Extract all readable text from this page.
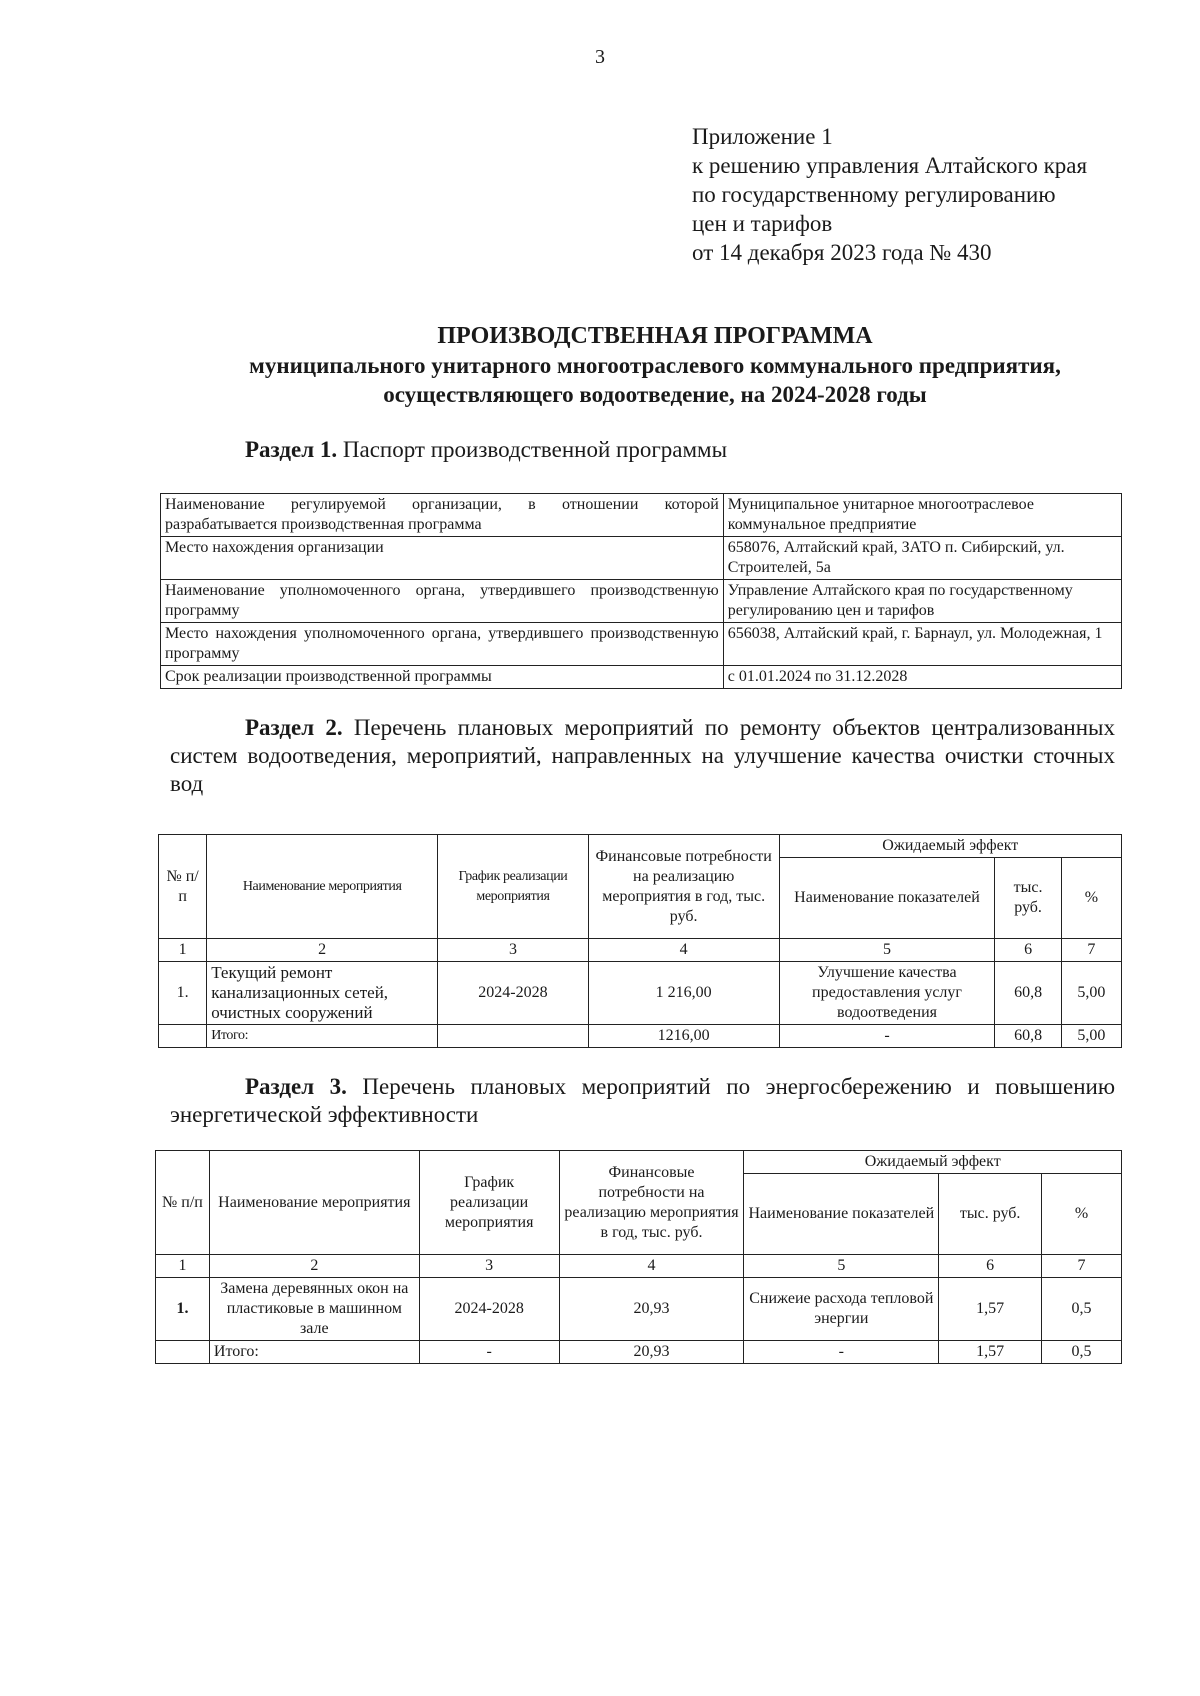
3
Приложение 1
к решению управления Алтайского края
по государственному регулированию
цен и тарифов
от 14 декабря 2023 года № 430
ПРОИЗВОДСТВЕННАЯ ПРОГРАММА
муниципального унитарного многоотраслевого коммунального предприятия,
осуществляющего водоотведение, на 2024-2028 годы
Раздел 1. Паспорт производственной программы
Наименование регулируемой организации, в отношении которой разрабатывается производственная программа	Муниципальное унитарное многоотраслевое коммунальное предприятие
Место нахождения организации	658076, Алтайский край, ЗАТО п. Сибирский, ул. Строителей, 5а
Наименование уполномоченного органа, утвердившего производственную программу	Управление Алтайского края по государственному регулированию цен и тарифов
Место нахождения уполномоченного органа, утвердившего производственную программу	656038, Алтайский край, г. Барнаул, ул. Молодежная, 1
Срок реализации производственной программы	с 01.01.2024 по 31.12.2028
Раздел 2. Перечень плановых мероприятий по ремонту объектов централизованных систем водоотведения, мероприятий, направленных на улучшение качества очистки сточных вод
№ п/п	Наименование мероприятия	График реализации мероприятия	Финансовые потребности на реализацию мероприятия в год, тыс. руб.	Ожидаемый эффект		
				Наименование показателей	тыс. руб.	%
1	2	3	4	5	6	7
1.	Текущий ремонт канализационных сетей, очистных сооружений	2024-2028	1 216,00	Улучшение качества предоставления услуг водоотведения	60,8	5,00
	Итого:		1216,00	-	60,8	5,00
Раздел 3. Перечень плановых мероприятий по энергосбережению и повышению энергетической эффективности
№ п/п	Наименование мероприятия	График реализации мероприятия	Финансовые потребности на реализацию мероприятия в год, тыс. руб.	Ожидаемый эффект		
				Наименование показателей	тыс. руб.	%
1	2	3	4	5	6	7
1.	Замена деревянных окон на пластиковые в машинном зале	2024-2028	20,93	Снижеие расхода тепловой энергии	1,57	0,5
	Итого:	-	20,93	-	1,57	0,5
